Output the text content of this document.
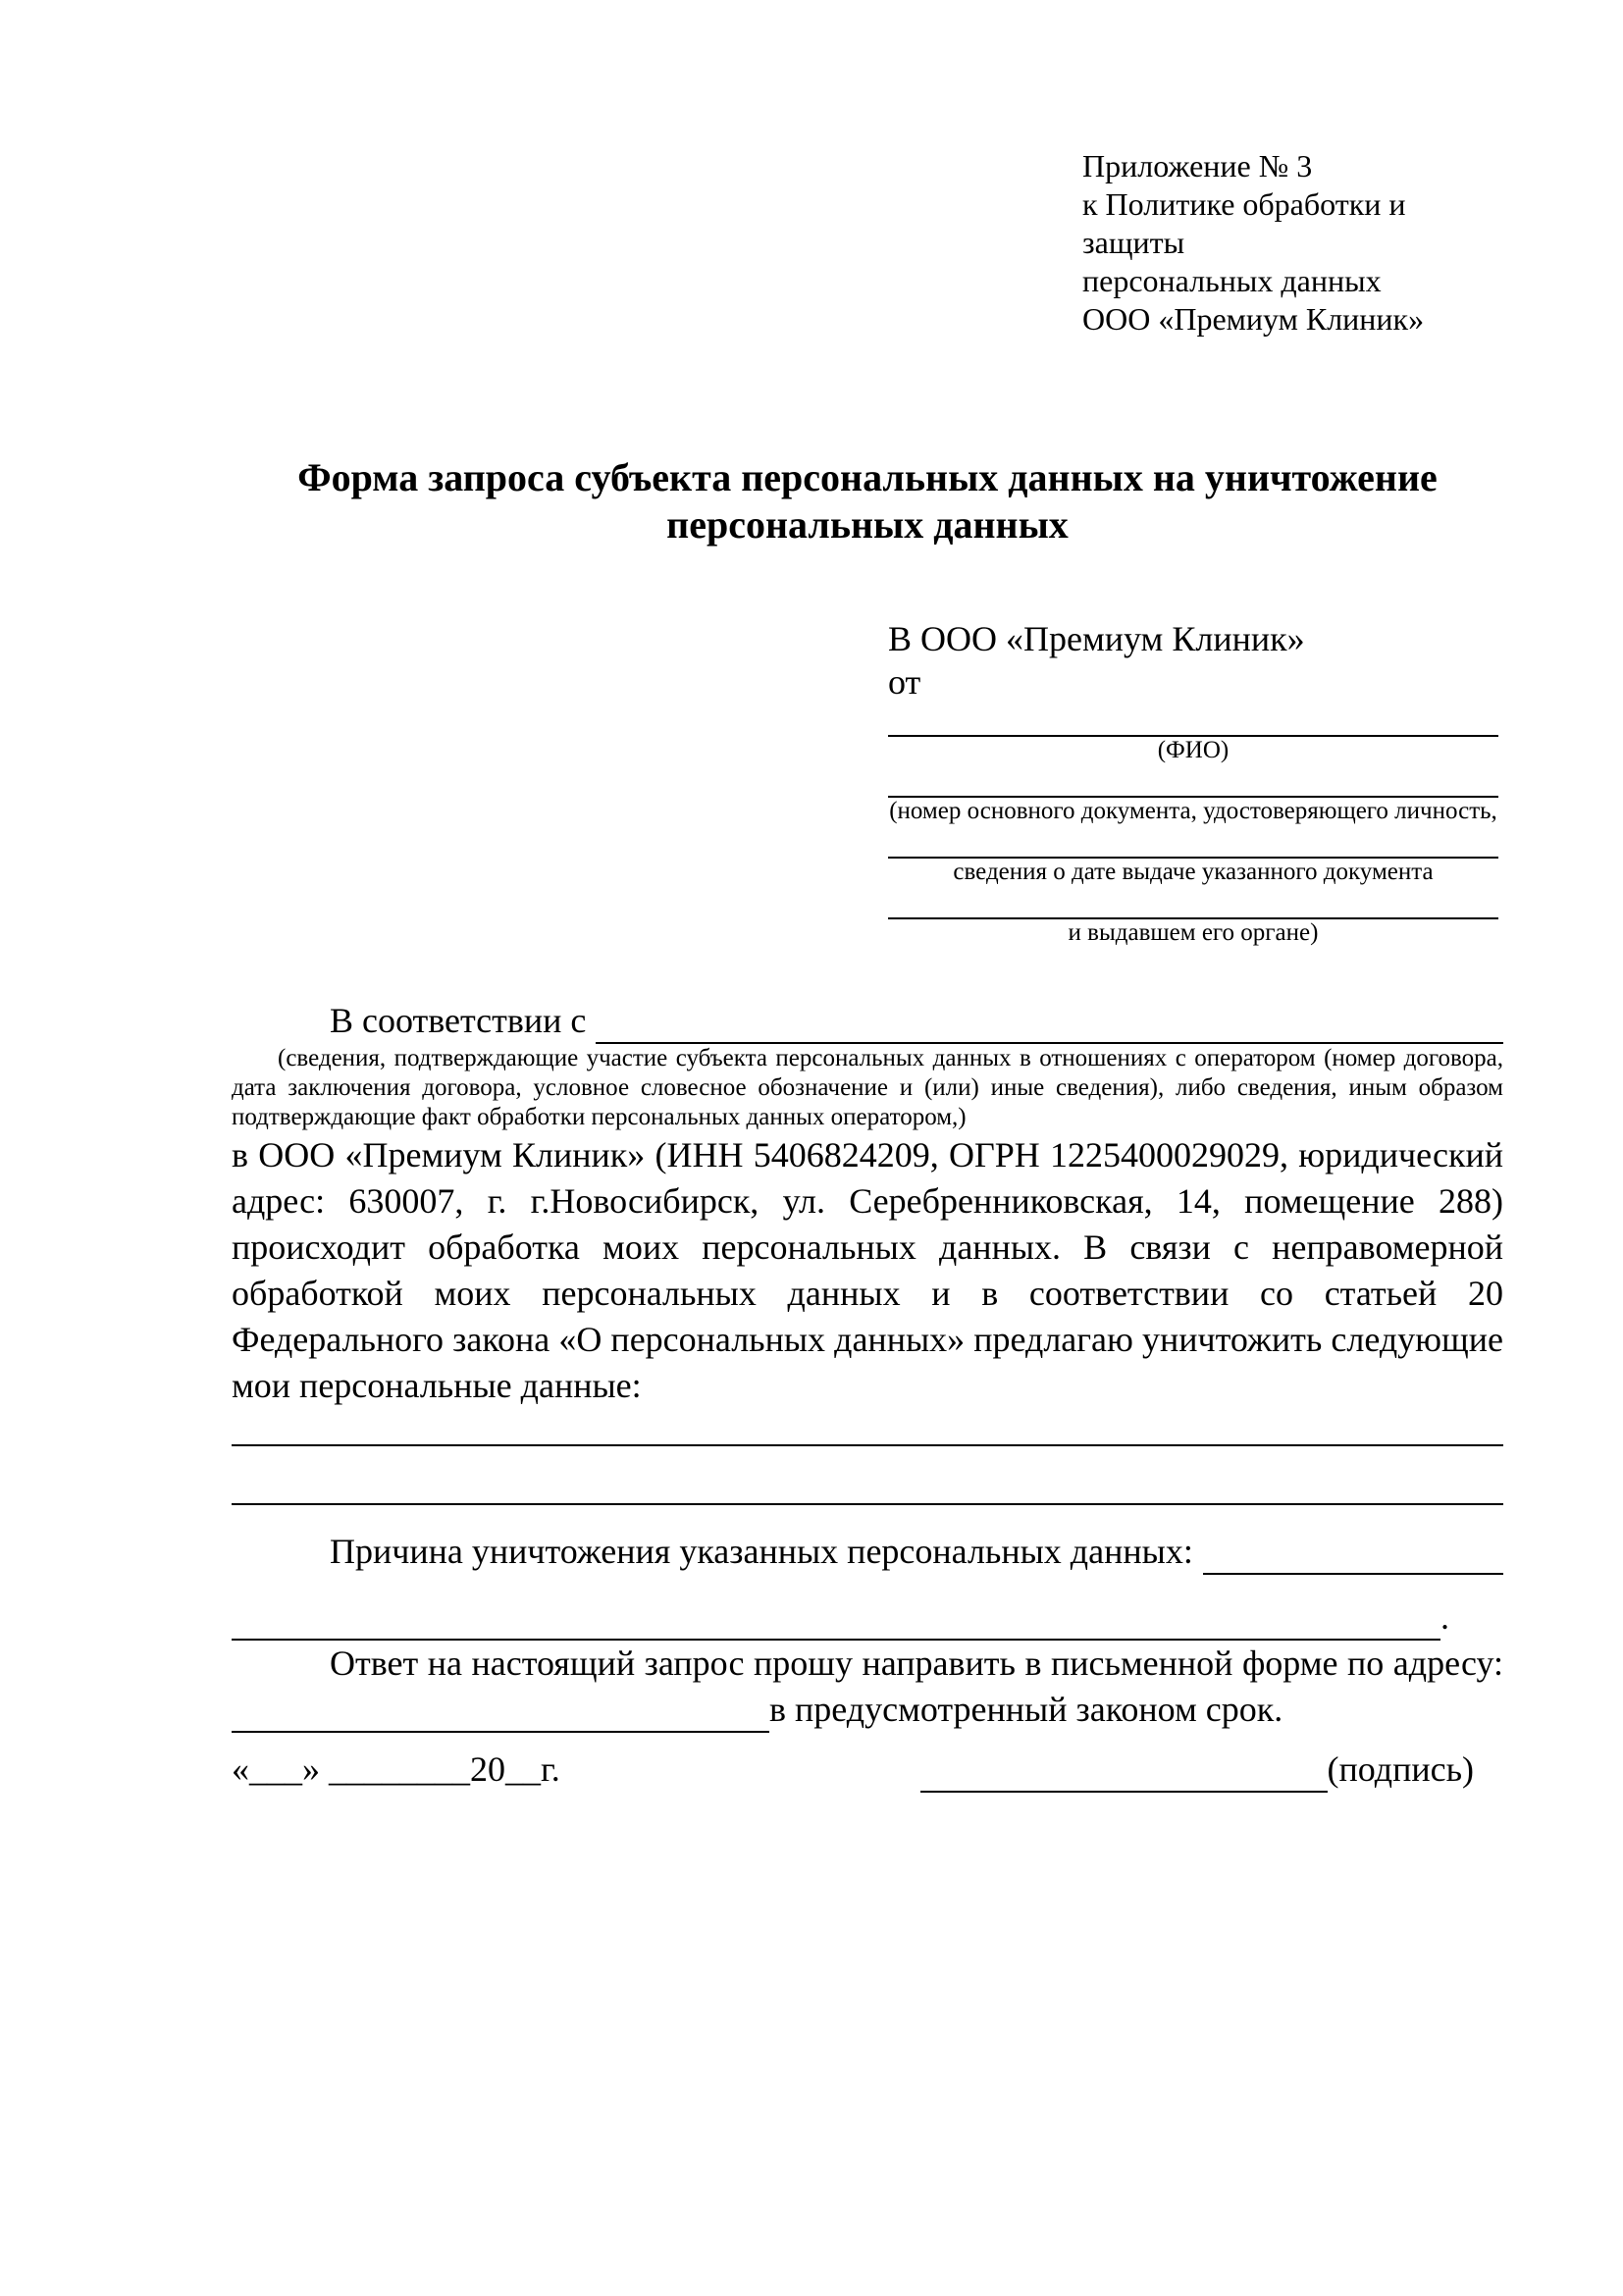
Приложение № 3
к Политике обработки и защиты
персональных данных
ООО «Премиум Клиник»
Форма запроса субъекта персональных данных на уничтожение персональных данных
В ООО «Премиум Клиник»
от
(ФИО)
(номер основного документа, удостоверяющего личность,
сведения о дате выдаче указанного документа
и выдавшем его органе)
В соответствии с

(сведения, подтверждающие участие субъекта персональных данных в отношениях с оператором (номер договора, дата заключения договора, условное словесное обозначение и (или) иные сведения), либо сведения, иным образом подтверждающие факт обработки персональных данных оператором,)

в ООО «Премиум Клиник» (ИНН 5406824209, ОГРН 1225400029029, юридический адрес: 630007, г. г.Новосибирск, ул. Серебренниковская, 14, помещение 288) происходит обработка моих персональных данных. В связи с неправомерной обработкой моих персональных данных и в соответствии со статьей 20 Федерального закона «О персональных данных» предлагаю уничтожить следующие мои персональные данные:

Причина уничтожения указанных персональных данных:
.

Ответ на настоящий запрос прошу направить в письменной форме по адресу:

в предусмотренный законом срок.
«___» ________20__г.	(подпись)
